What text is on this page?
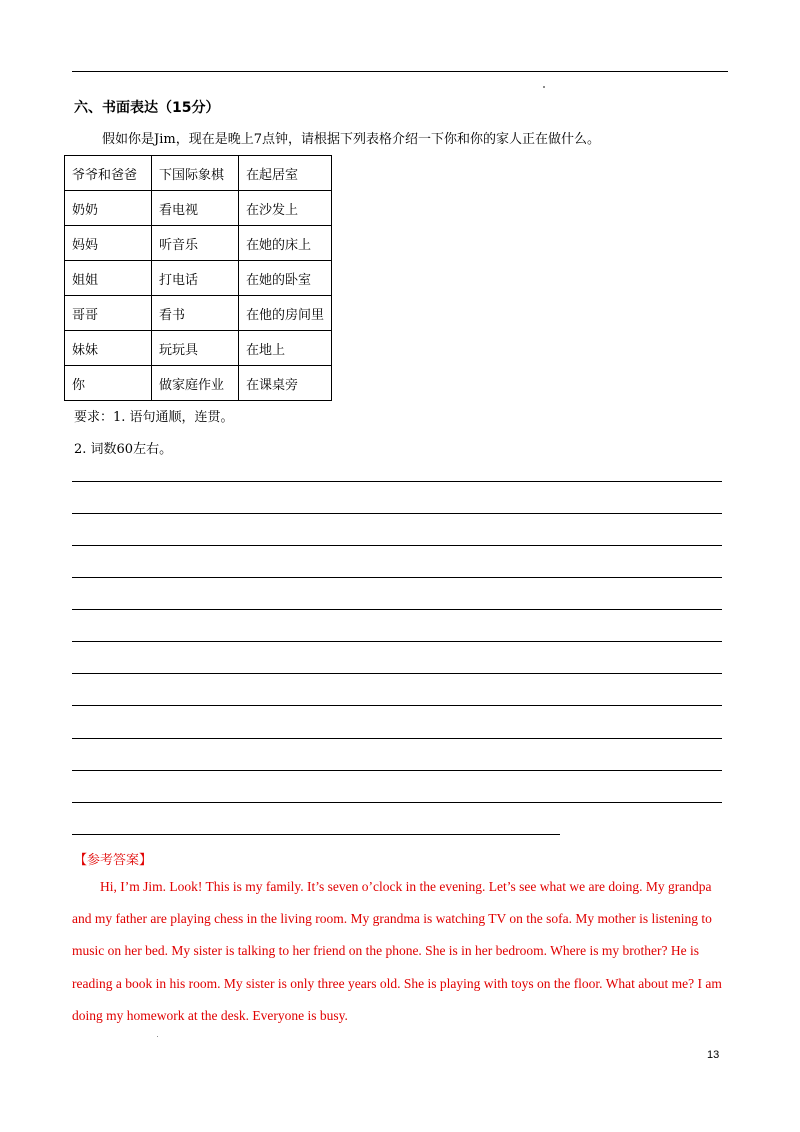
六、书面表达（15分）
假如你是Jim，现在是晚上7点钟，请根据下列表格介绍一下你和你的家人正在做什么。
爷爷和爸爸	下国际象棋	在起居室
奶奶	看电视	在沙发上
妈妈	听音乐	在她的床上
姐姐	打电话	在她的卧室
哥哥	看书	在他的房间里
妹妹	玩玩具	在地上
你	做家庭作业	在课桌旁
要求：1. 语句通顺，连贯。
2. 词数60左右。
【参考答案】
Hi, I’m Jim. Look! This is my family. It’s seven o’clock in the evening. Let’s see what we are doing. My grandpa and my father are playing chess in the living room. My grandma is watching TV on the sofa. My mother is listening to music on her bed. My sister is talking to her friend on the phone. She is in her bedroom. Where is my brother? He is reading a book in his room. My sister is only three years old. She is playing with toys on the floor. What about me? I am doing my homework at the desk. Everyone is busy.
13
